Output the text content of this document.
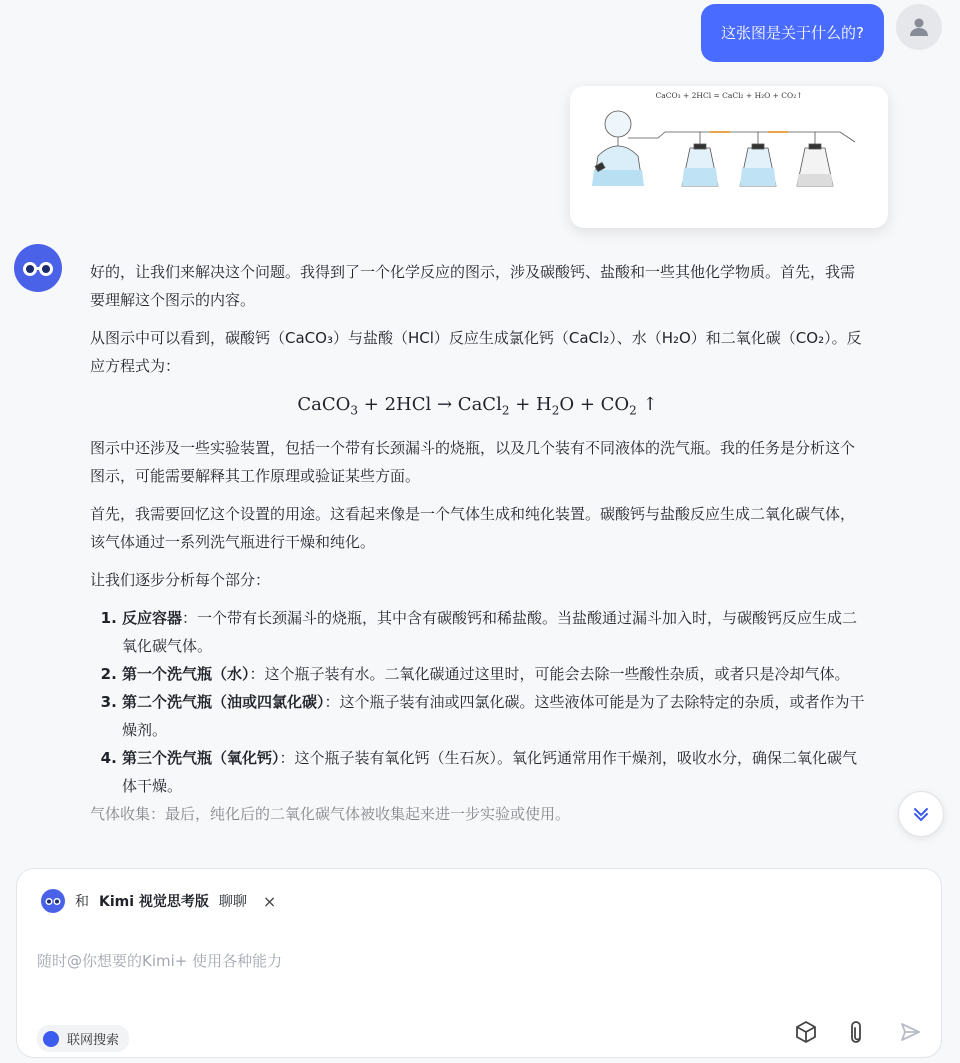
这张图是关于什么的?
CaCO₃ + 2HCl = CaCl₂ + H₂O + CO₂↑

好的，让我们来解决这个问题。我得到了一个化学反应的图示，涉及碳酸钙、盐酸和一些其他化学物质。首先，我需要理解这个图示的内容。

从图示中可以看到，碳酸钙（CaCO₃）与盐酸（HCl）反应生成氯化钙（CaCl₂）、水（H₂O）和二氧化碳（CO₂）。反应方程式为：

CaCO$_3$ + 2HCl → CaCl$_2$ + $H_2O + CO_2$ ↑

图示中还涉及一些实验装置，包括一个带有长颈漏斗的烧瓶，以及几个装有不同液体的洗气瓶。我的任务是分析这个图示，可能需要解释其工作原理或验证某些方面。

首先，我需要回忆这个设置的用途。这看起来像是一个气体生成和纯化装置。碳酸钙与盐酸反应生成二氧化碳气体，该气体通过一系列洗气瓶进行干燥和纯化。

让我们逐步分析每个部分：

1. 反应容器：一个带有长颈漏斗的烧瓶，其中含有碳酸钙和稀盐酸。当盐酸通过漏斗加入时，与碳酸钙反应生成二氧化碳气体。
2. 第一个洗气瓶（水）：这个瓶子装有水。二氧化碳通过这里时，可能会去除一些酸性杂质，或者只是冷却气体。
3. 第二个洗气瓶（油或四氯化碳）：这个瓶子装有油或四氯化碳。这些液体可能是为了去除特定的杂质，或者作为干燥剂。
4. 第三个洗气瓶（氧化钙）：这个瓶子装有氧化钙（生石灰）。氧化钙通常用作干燥剂，吸收水分，确保二氧化碳气体干燥。
气体收集：最后，纯化后的二氧化碳气体被收集起来进一步实验或使用。
和 Kimi 视觉思考版 聊聊 ×
随时@你想要的Kimi+ 使用各种能力
联网搜索
